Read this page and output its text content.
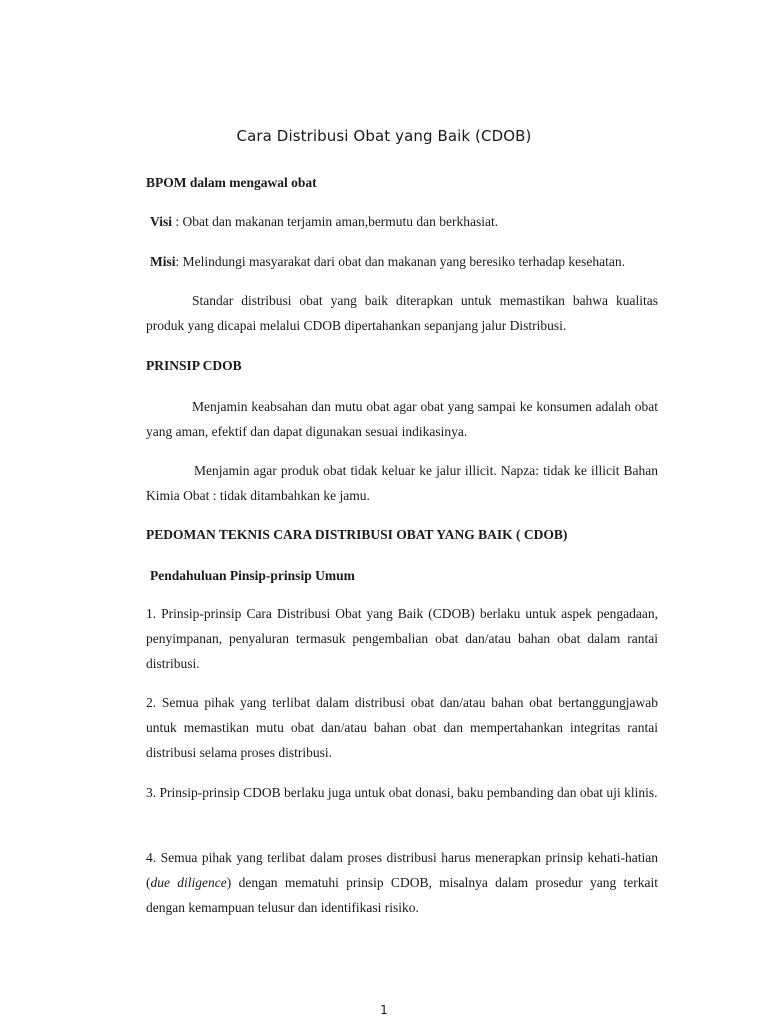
Cara Distribusi Obat yang Baik (CDOB)
BPOM dalam mengawal obat
Visi : Obat dan makanan terjamin aman,bermutu dan berkhasiat.
Misi: Melindungi masyarakat dari obat dan makanan yang beresiko terhadap kesehatan.
Standar distribusi obat yang baik diterapkan untuk memastikan bahwa kualitas produk yang dicapai melalui CDOB dipertahankan sepanjang jalur Distribusi.
PRINSIP CDOB
Menjamin keabsahan dan mutu obat agar obat yang sampai ke konsumen adalah obat yang aman, efektif dan dapat digunakan sesuai indikasinya.
Menjamin agar produk obat tidak keluar ke jalur illicit. Napza: tidak ke illicit Bahan Kimia Obat : tidak ditambahkan ke jamu.
PEDOMAN TEKNIS CARA DISTRIBUSI OBAT YANG BAIK ( CDOB)
Pendahuluan Pinsip-prinsip Umum
1. Prinsip-prinsip Cara Distribusi Obat yang Baik (CDOB) berlaku untuk aspek pengadaan, penyimpanan, penyaluran termasuk pengembalian obat dan/atau bahan obat dalam rantai distribusi.
2. Semua pihak yang terlibat dalam distribusi obat dan/atau bahan obat bertanggungjawab untuk memastikan mutu obat dan/atau bahan obat dan mempertahankan integritas rantai distribusi selama proses distribusi.
3. Prinsip-prinsip CDOB berlaku juga untuk obat donasi, baku pembanding dan obat uji klinis.
4. Semua pihak yang terlibat dalam proses distribusi harus menerapkan prinsip kehati-hatian (due diligence) dengan mematuhi prinsip CDOB, misalnya dalam prosedur yang terkait dengan kemampuan telusur dan identifikasi risiko.
1
